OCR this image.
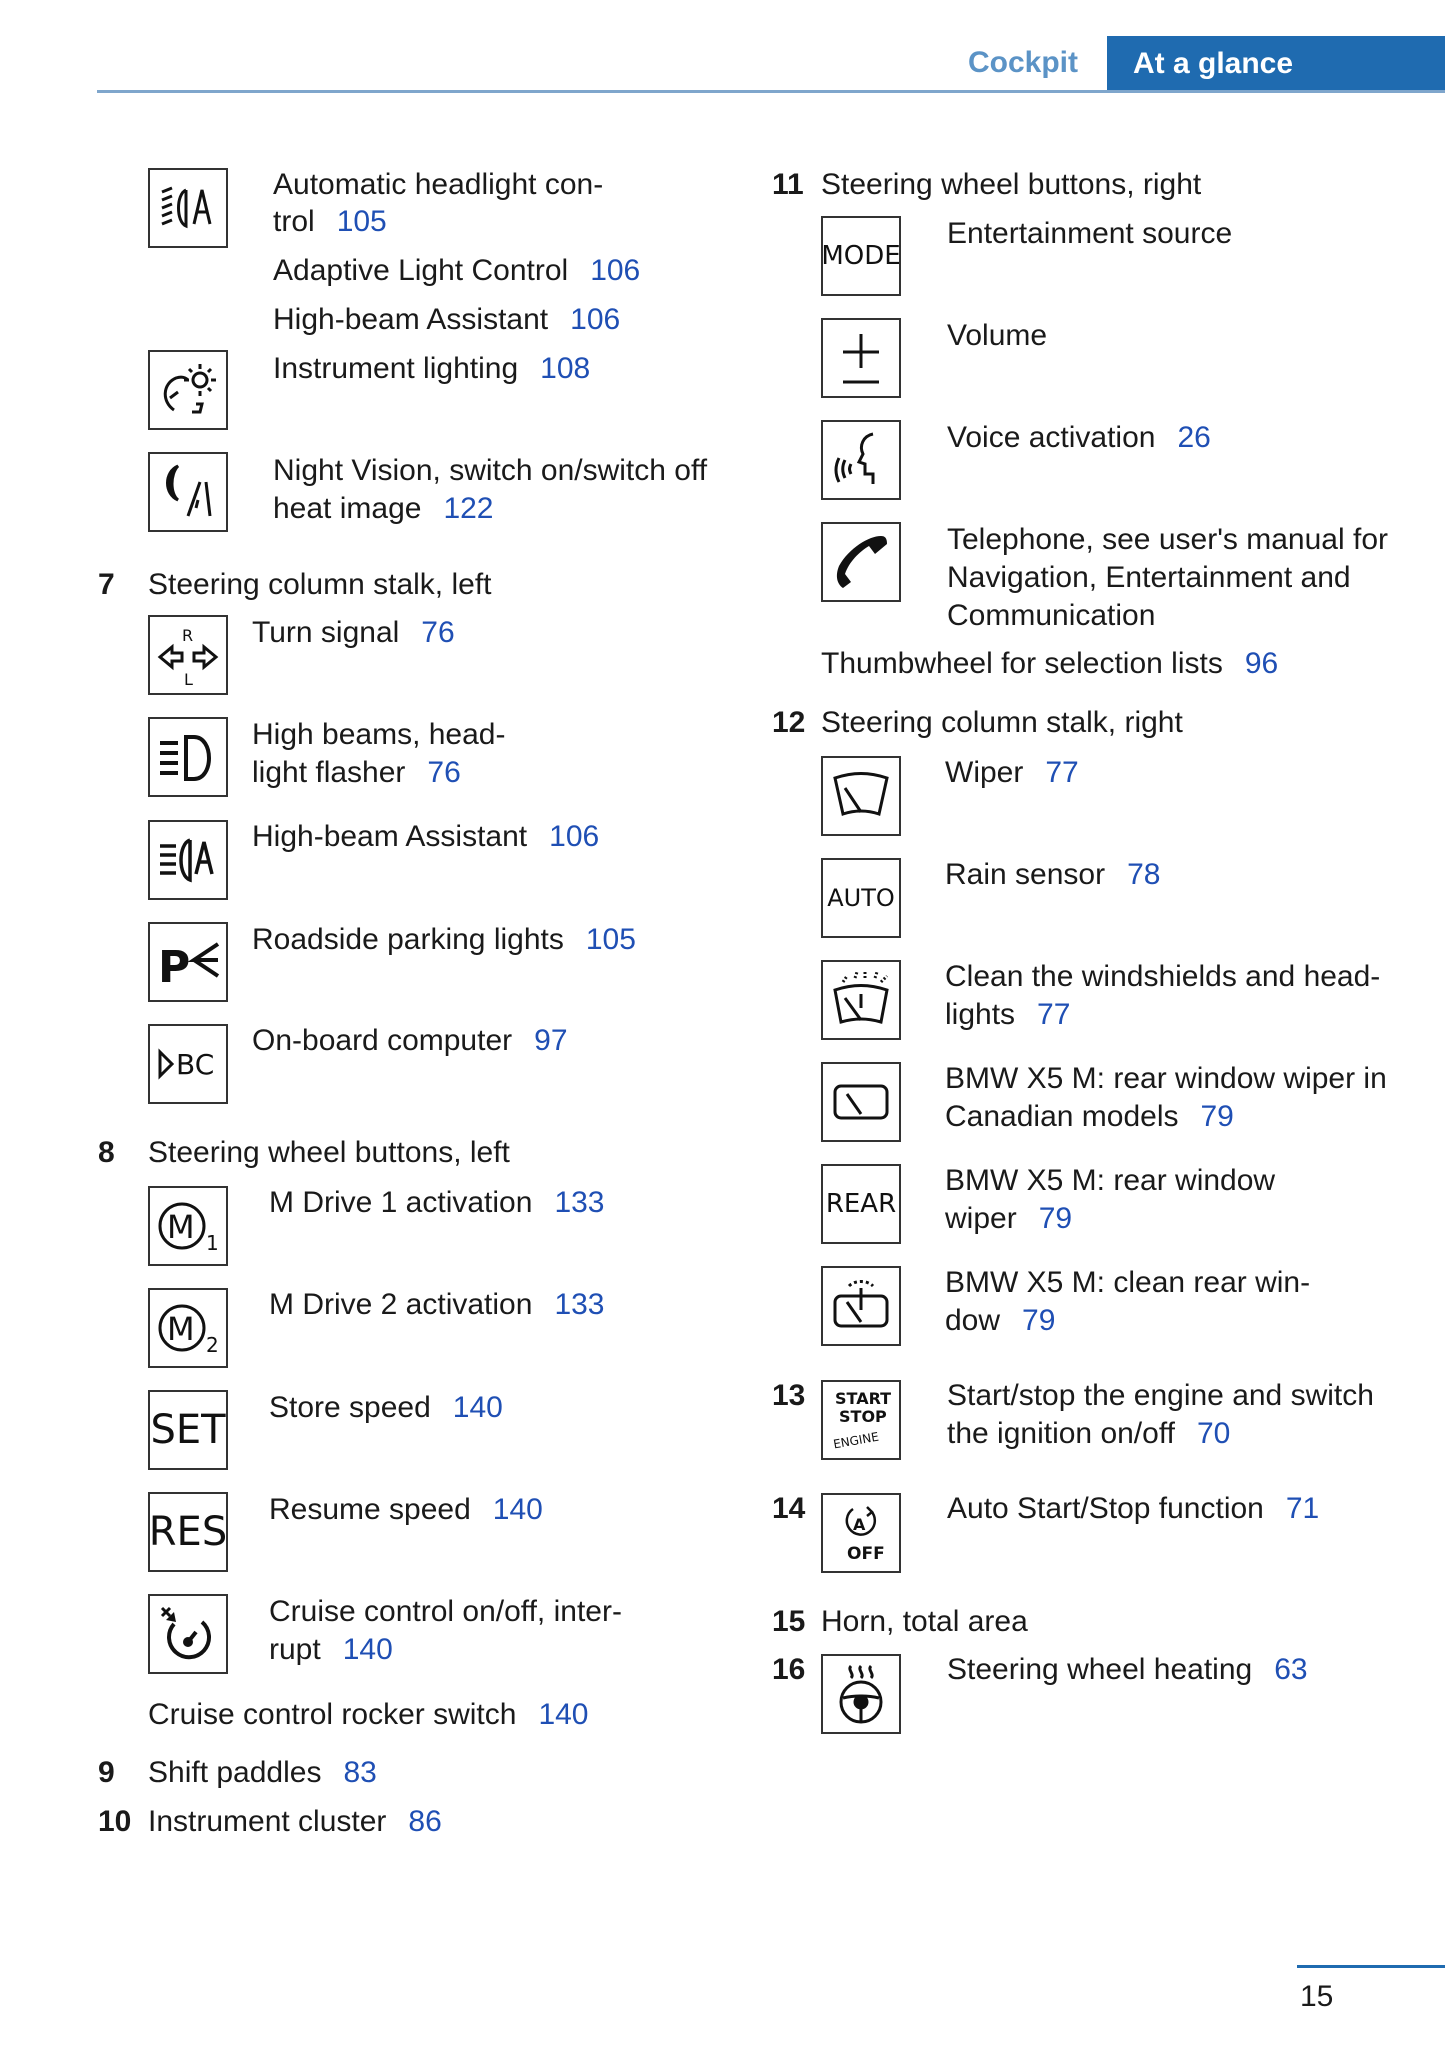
Cockpit	At a glance
Automatic headlight con-
trol 105
Adaptive Light Control 106
High-beam Assistant 106
Instrument lighting 108
Night Vision, switch on/switch off
heat image 122
7 Steering column stalk, left
R
L
Turn signal 76
High beams, head-
light flasher 76
High-beam Assistant 106
P
Roadside parking lights 105
BC
On-board computer 97
8 Steering wheel buttons, left
M 1
M Drive 1 activation 133
M 2
M Drive 2 activation 133
SET Store speed 140
RES Resume speed 140
Cruise control on/off, inter-
rupt 140
Cruise control rocker switch 140
9 Shift paddles 83
10 Instrument cluster 86
11 Steering wheel buttons, right
MODE
Entertainment source
Volume
Voice activation 26
Telephone, see user's manual for
Navigation, Entertainment and
Communication
Thumbwheel for selection lists 96
12 Steering column stalk, right
Wiper 77
AUTO
Rain sensor 78
Clean the windshields and head-
lights 77
BMW X5 M: rear window wiper in
Canadian models 79
REAR
BMW X5 M: rear window
wiper 79
BMW X5 M: clean rear win-
dow 79
13 START
STOP
ENGINE
Start/stop the engine and switch
the ignition on/off 70
14	A
OFF
Auto Start/Stop function 71
15 Horn, total area
16	Steering wheel heating 63
15
